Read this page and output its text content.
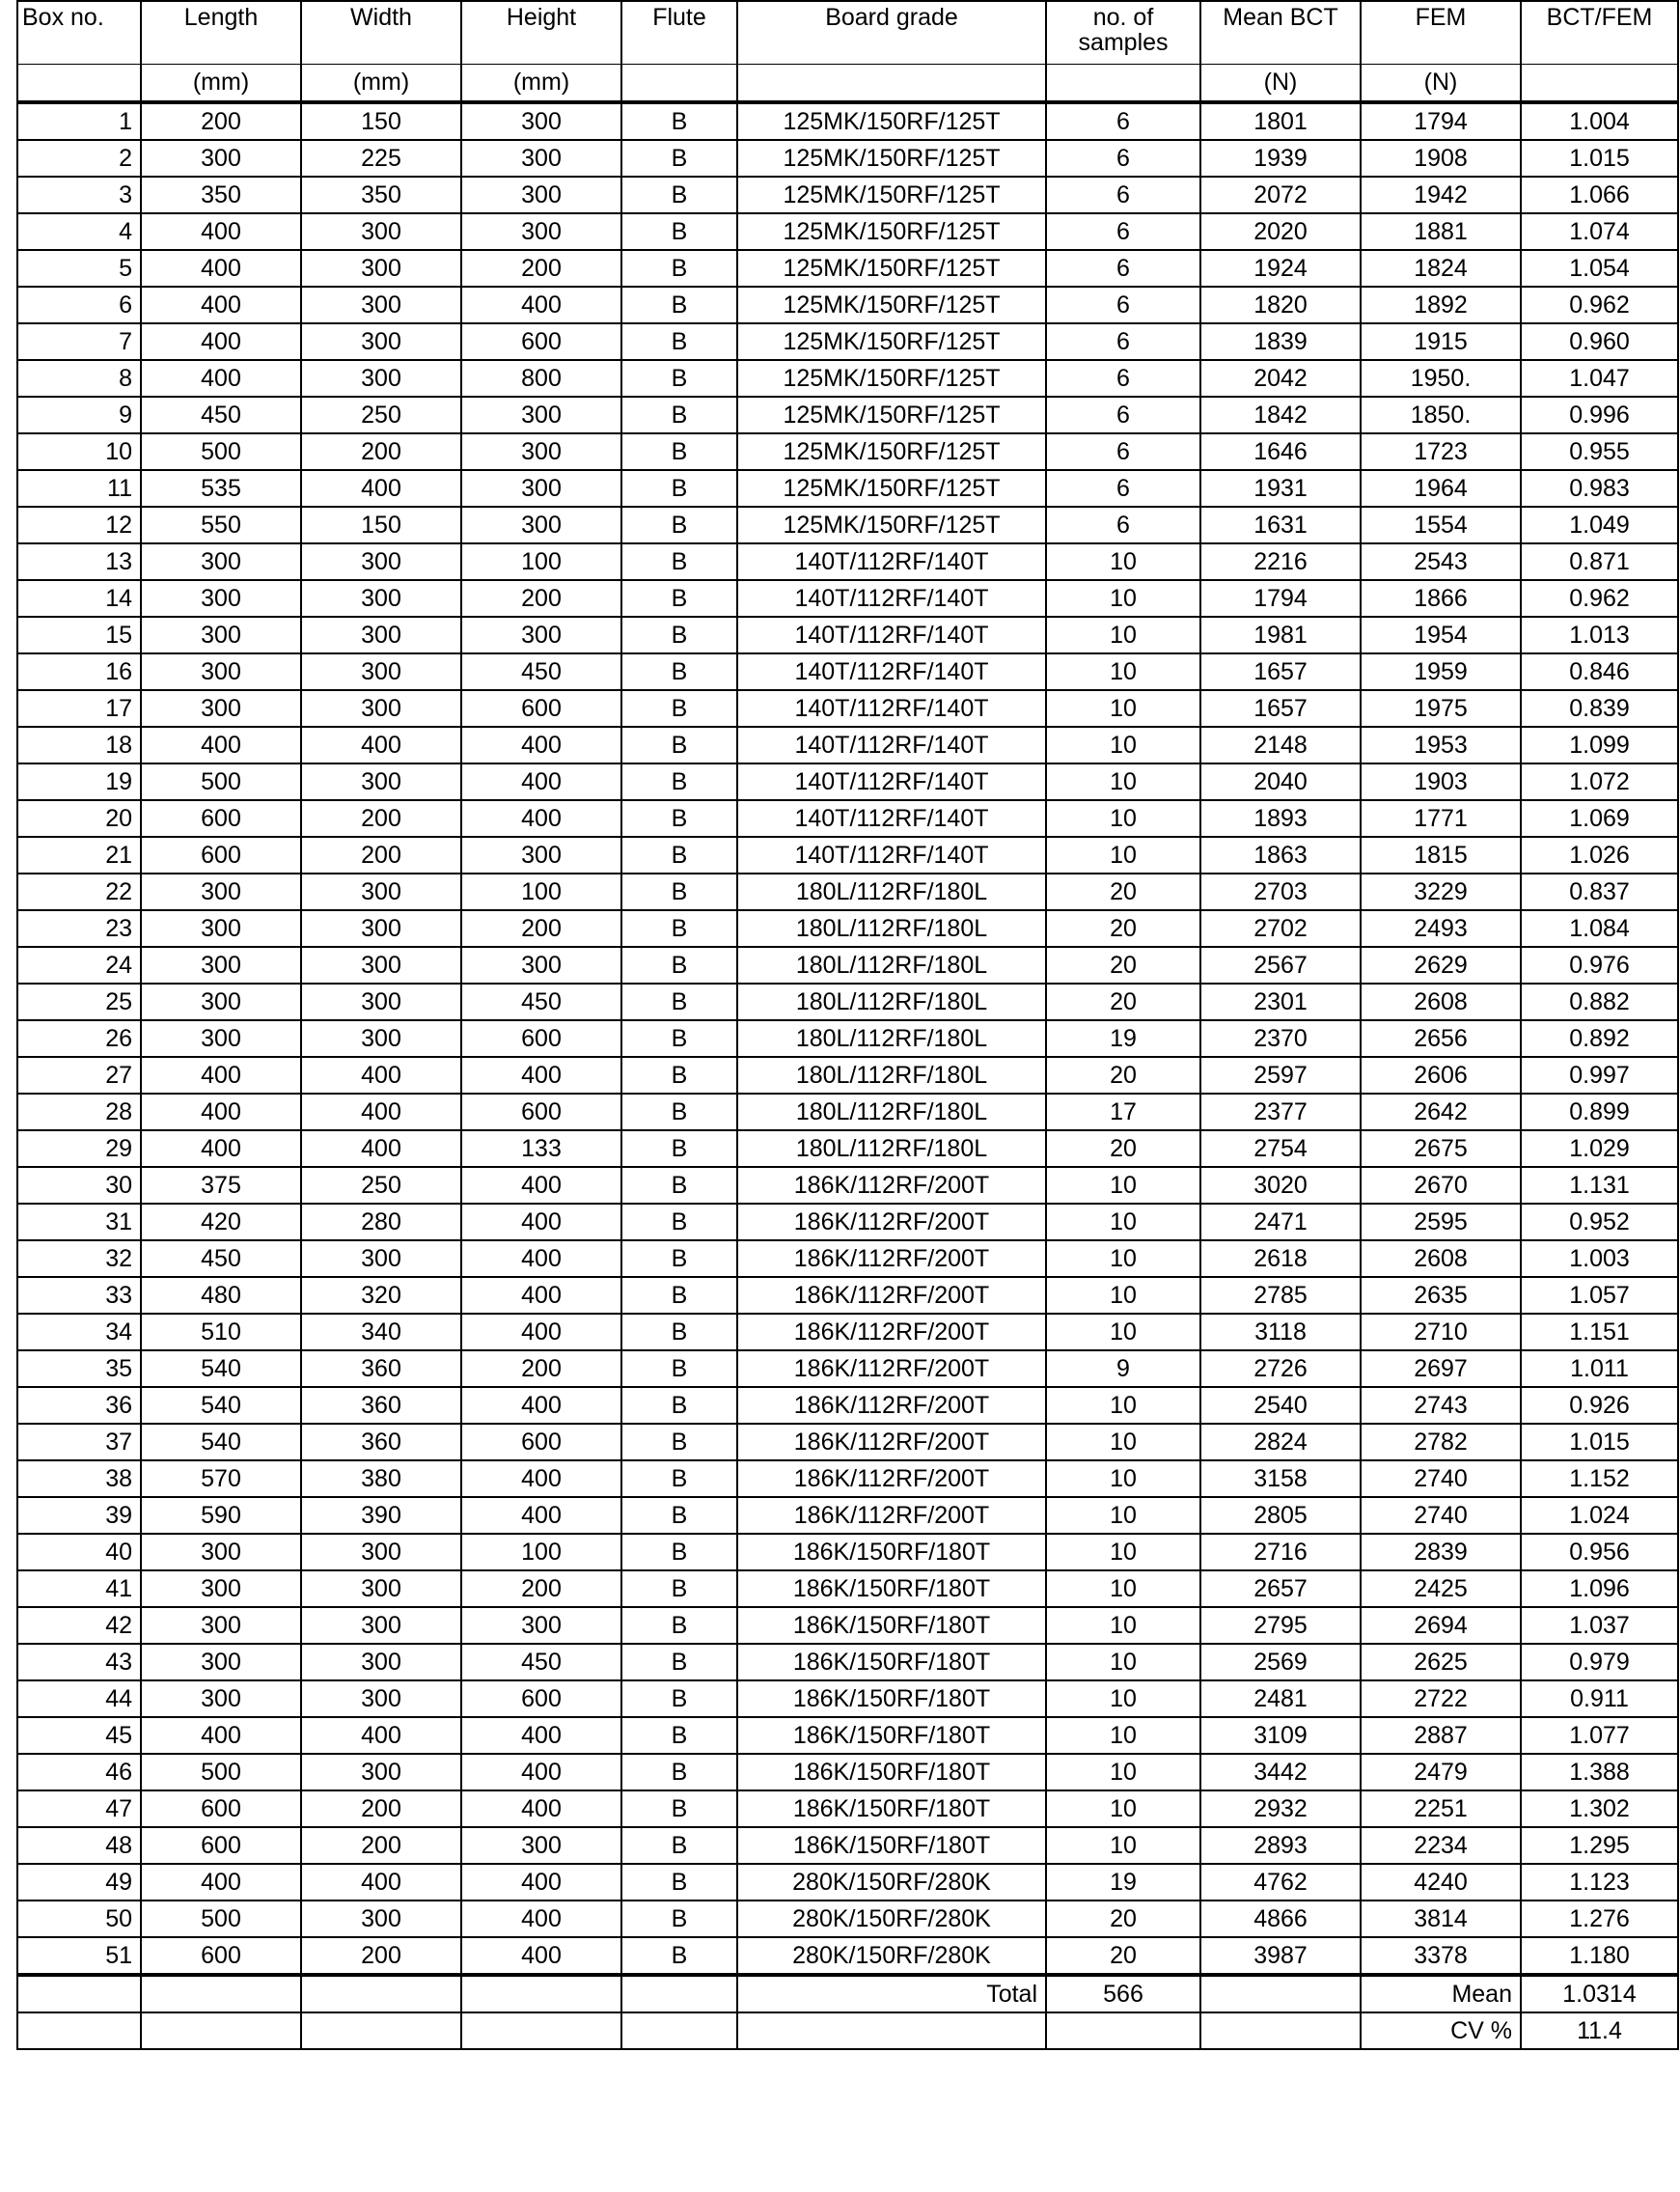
Box no.	Length	Width	Height	Flute	Board grade	no. of samples	Mean BCT	FEM	BCT/FEM
	(mm)	(mm)	(mm)				(N)	(N)	
1	200	150	300	B	125MK/150RF/125T	6	1801	1794	1.004
2	300	225	300	B	125MK/150RF/125T	6	1939	1908	1.015
3	350	350	300	B	125MK/150RF/125T	6	2072	1942	1.066
4	400	300	300	B	125MK/150RF/125T	6	2020	1881	1.074
5	400	300	200	B	125MK/150RF/125T	6	1924	1824	1.054
6	400	300	400	B	125MK/150RF/125T	6	1820	1892	0.962
7	400	300	600	B	125MK/150RF/125T	6	1839	1915	0.960
8	400	300	800	B	125MK/150RF/125T	6	2042	1950.	1.047
9	450	250	300	B	125MK/150RF/125T	6	1842	1850.	0.996
10	500	200	300	B	125MK/150RF/125T	6	1646	1723	0.955
11	535	400	300	B	125MK/150RF/125T	6	1931	1964	0.983
12	550	150	300	B	125MK/150RF/125T	6	1631	1554	1.049
13	300	300	100	B	140T/112RF/140T	10	2216	2543	0.871
14	300	300	200	B	140T/112RF/140T	10	1794	1866	0.962
15	300	300	300	B	140T/112RF/140T	10	1981	1954	1.013
16	300	300	450	B	140T/112RF/140T	10	1657	1959	0.846
17	300	300	600	B	140T/112RF/140T	10	1657	1975	0.839
18	400	400	400	B	140T/112RF/140T	10	2148	1953	1.099
19	500	300	400	B	140T/112RF/140T	10	2040	1903	1.072
20	600	200	400	B	140T/112RF/140T	10	1893	1771	1.069
21	600	200	300	B	140T/112RF/140T	10	1863	1815	1.026
22	300	300	100	B	180L/112RF/180L	20	2703	3229	0.837
23	300	300	200	B	180L/112RF/180L	20	2702	2493	1.084
24	300	300	300	B	180L/112RF/180L	20	2567	2629	0.976
25	300	300	450	B	180L/112RF/180L	20	2301	2608	0.882
26	300	300	600	B	180L/112RF/180L	19	2370	2656	0.892
27	400	400	400	B	180L/112RF/180L	20	2597	2606	0.997
28	400	400	600	B	180L/112RF/180L	17	2377	2642	0.899
29	400	400	133	B	180L/112RF/180L	20	2754	2675	1.029
30	375	250	400	B	186K/112RF/200T	10	3020	2670	1.131
31	420	280	400	B	186K/112RF/200T	10	2471	2595	0.952
32	450	300	400	B	186K/112RF/200T	10	2618	2608	1.003
33	480	320	400	B	186K/112RF/200T	10	2785	2635	1.057
34	510	340	400	B	186K/112RF/200T	10	3118	2710	1.151
35	540	360	200	B	186K/112RF/200T	9	2726	2697	1.011
36	540	360	400	B	186K/112RF/200T	10	2540	2743	0.926
37	540	360	600	B	186K/112RF/200T	10	2824	2782	1.015
38	570	380	400	B	186K/112RF/200T	10	3158	2740	1.152
39	590	390	400	B	186K/112RF/200T	10	2805	2740	1.024
40	300	300	100	B	186K/150RF/180T	10	2716	2839	0.956
41	300	300	200	B	186K/150RF/180T	10	2657	2425	1.096
42	300	300	300	B	186K/150RF/180T	10	2795	2694	1.037
43	300	300	450	B	186K/150RF/180T	10	2569	2625	0.979
44	300	300	600	B	186K/150RF/180T	10	2481	2722	0.911
45	400	400	400	B	186K/150RF/180T	10	3109	2887	1.077
46	500	300	400	B	186K/150RF/180T	10	3442	2479	1.388
47	600	200	400	B	186K/150RF/180T	10	2932	2251	1.302
48	600	200	300	B	186K/150RF/180T	10	2893	2234	1.295
49	400	400	400	B	280K/150RF/280K	19	4762	4240	1.123
50	500	300	400	B	280K/150RF/280K	20	4866	3814	1.276
51	600	200	400	B	280K/150RF/280K	20	3987	3378	1.180
					Total	566		Mean	1.0314
								CV %	11.4
